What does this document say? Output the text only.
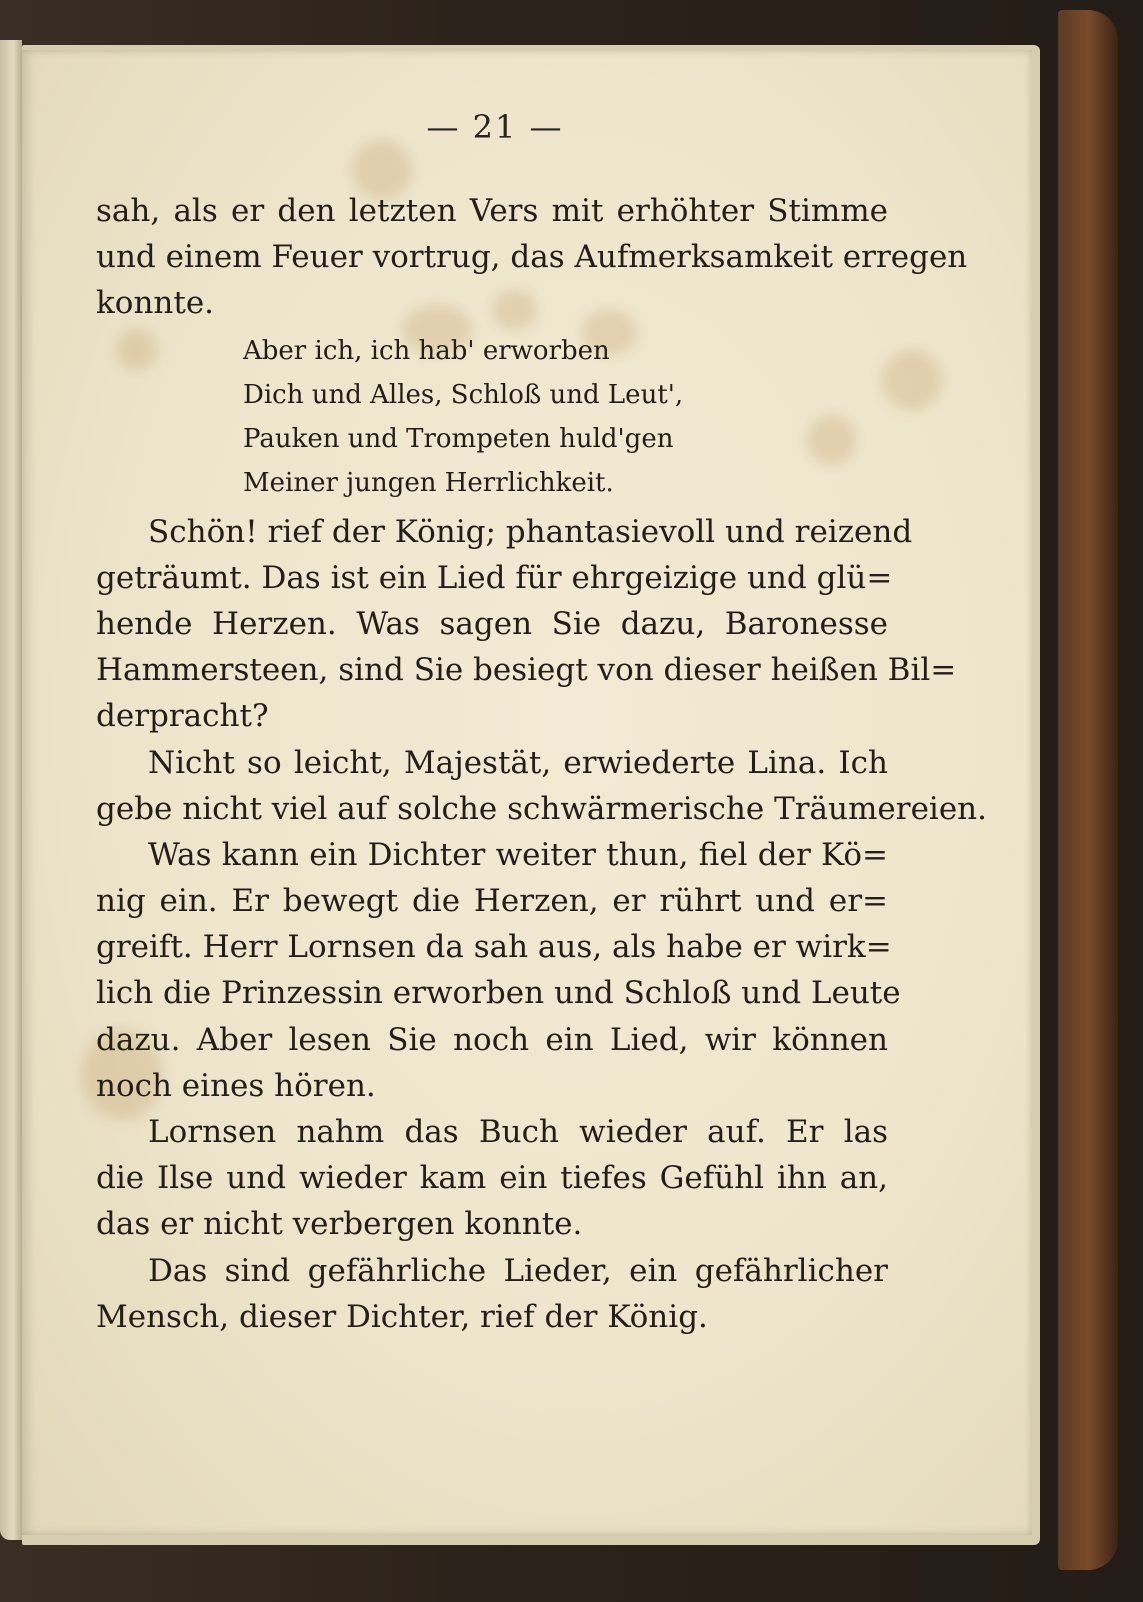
— 21 —
sah, als er den letzten Vers mit erhöhter Stimme
und einem Feuer vortrug, das Aufmerksamkeit erregen
konnte.
Aber ich, ich hab' erworben
Dich und Alles, Schloß und Leut',
Pauken und Trompeten huld'gen
Meiner jungen Herrlichkeit.
Schön! rief der König; phantasievoll und reizend
geträumt. Das ist ein Lied für ehrgeizige und glü=
hende Herzen. Was sagen Sie dazu, Baronesse
Hammersteen, sind Sie besiegt von dieser heißen Bil=
derpracht?
Nicht so leicht, Majestät, erwiederte Lina. Ich
gebe nicht viel auf solche schwärmerische Träumereien.
Was kann ein Dichter weiter thun, fiel der Kö=
nig ein. Er bewegt die Herzen, er rührt und er=
greift. Herr Lornsen da sah aus, als habe er wirk=
lich die Prinzessin erworben und Schloß und Leute
dazu. Aber lesen Sie noch ein Lied, wir können
noch eines hören.
Lornsen nahm das Buch wieder auf. Er las
die Ilse und wieder kam ein tiefes Gefühl ihn an,
das er nicht verbergen konnte.
Das sind gefährliche Lieder, ein gefährlicher
Mensch, dieser Dichter, rief der König.
